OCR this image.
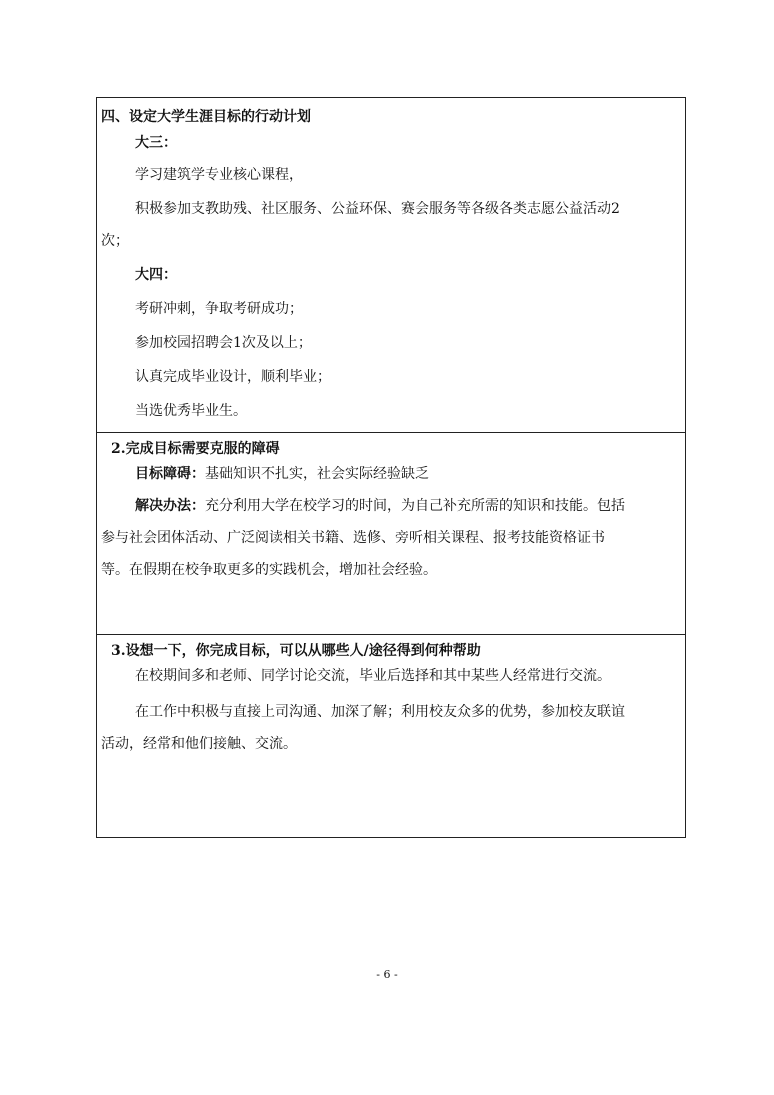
四、设定大学生涯目标的行动计划
大三：
学习建筑学专业核心课程，
积极参加支教助残、社区服务、公益环保、赛会服务等各级各类志愿公益活动2
次；
大四：
考研冲刺，争取考研成功；
参加校园招聘会1次及以上；
认真完成毕业设计，顺利毕业；
当选优秀毕业生。
2.完成目标需要克服的障碍
目标障碍：基础知识不扎实，社会实际经验缺乏
解决办法：充分利用大学在校学习的时间，为自己补充所需的知识和技能。包括
参与社会团体活动、广泛阅读相关书籍、选修、旁听相关课程、报考技能资格证书
等。在假期在校争取更多的实践机会，增加社会经验。
3.设想一下，你完成目标，可以从哪些人/途径得到何种帮助
在校期间多和老师、同学讨论交流，毕业后选择和其中某些人经常进行交流。
在工作中积极与直接上司沟通、加深了解；利用校友众多的优势，参加校友联谊
活动，经常和他们接触、交流。
- 6 -
